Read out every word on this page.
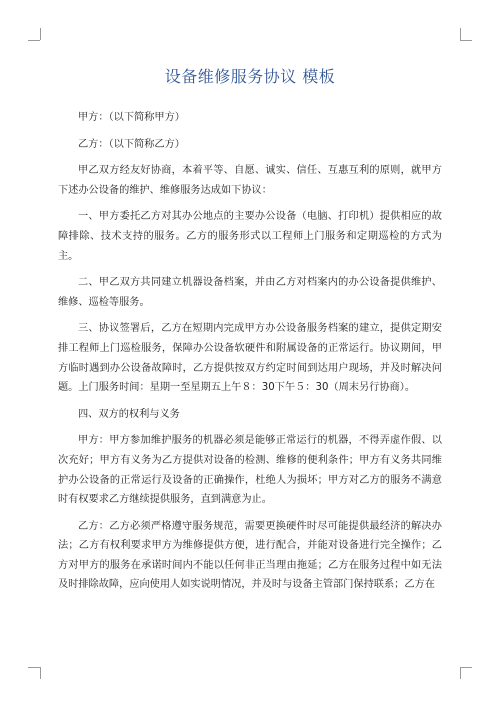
设备维修服务协议 模板

甲方：（以下简称甲方）

乙方：（以下简称乙方）

甲乙双方经友好协商，本着平等、自愿、诚实、信任、互惠互利的原则，就甲方下述办公设备的维护、维修服务达成如下协议：

一、甲方委托乙方对其办公地点的主要办公设备（电脑、打印机）提供相应的故障排除、技术支持的服务。乙方的服务形式以工程师上门服务和定期巡检的方式为主。

二、甲乙双方共同建立机器设备档案，并由乙方对档案内的办公设备提供维护、维修、巡检等服务。

三、协议签署后，乙方在短期内完成甲方办公设备服务档案的建立，提供定期安排工程师上门巡检服务，保障办公设备软硬件和附属设备的正常运行。协议期间，甲方临时遇到办公设备故障时，乙方提供按双方约定时间到达用户现场，并及时解决问题。上门服务时间：星期一至星期五上午８：30下午５：30（周末另行协商）。

四、双方的权利与义务

甲方：甲方参加维护服务的机器必须是能够正常运行的机器，不得弄虚作假、以次充好；甲方有义务为乙方提供对设备的检测、维修的便利条件；甲方有义务共同维护办公设备的正常运行及设备的正确操作，杜绝人为损坏；甲方对乙方的服务不满意时有权要求乙方继续提供服务，直到满意为止。

乙方：乙方必须严格遵守服务规范，需要更换硬件时尽可能提供最经济的解决办法；乙方有权利要求甲方为维修提供方便，进行配合，并能对设备进行完全操作；乙方对甲方的服务在承诺时间内不能以任何非正当理由拖延；乙方在服务过程中如无法及时排除故障，应向使用人如实说明情况，并及时与设备主管部门保持联系；乙方在
